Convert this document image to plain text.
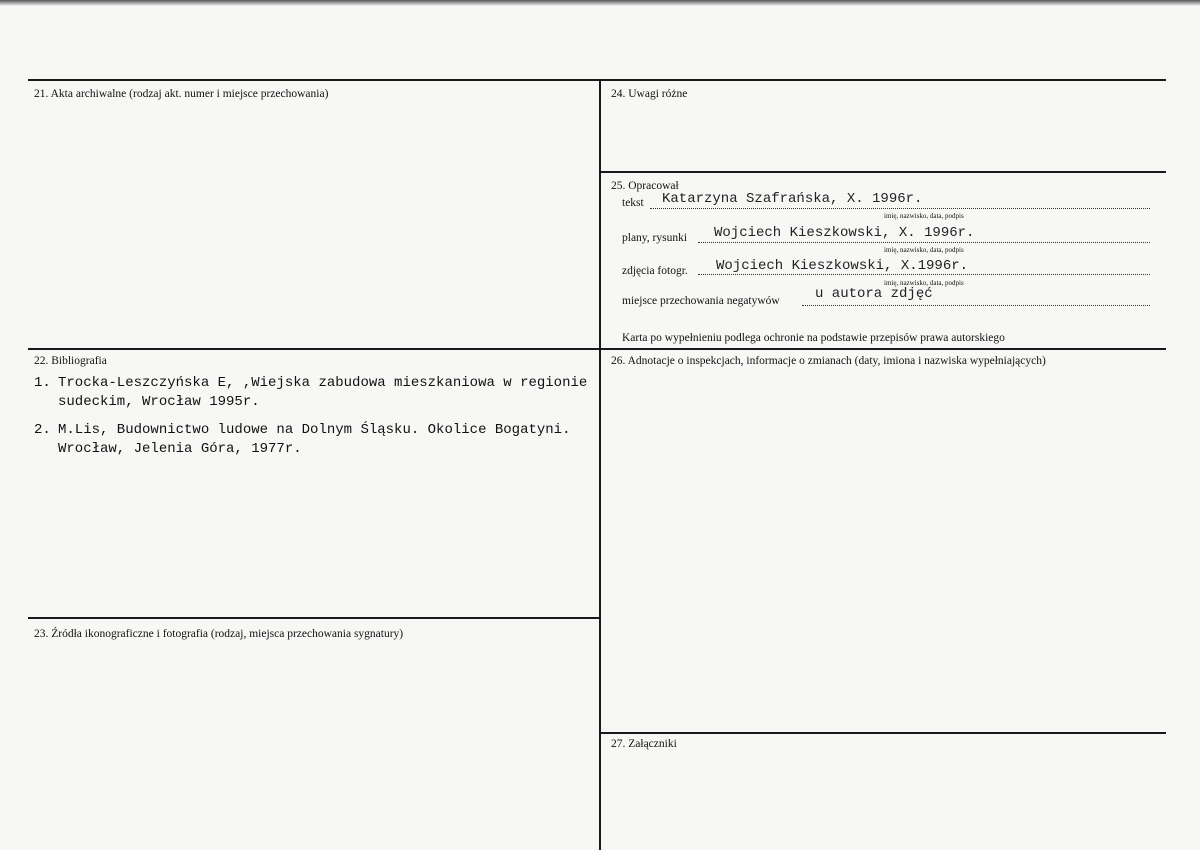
21. Akta archiwalne (rodzaj akt. numer i miejsce przechowania)	24. Uwagi różne
25. Opracował
22. Bibliografia	26. Adnotacje o inspekcjach, informacje o zmianach (daty, imiona i nazwiska wypełniających)
23. Źródła ikonograficzne i fotografia (rodzaj, miejsca przechowania sygnatury)
27. Załączniki
tekst Katarzyna Szafrańska, X. 1996r.
imię, nazwisko, data, podpis
plany, rysunki Wojciech Kieszkowski, X. 1996r.
imię, nazwisko, data, podpis
zdjęcia fotogr. Wojciech Kieszkowski, X.1996r.
imię, nazwisko, data, podpis
miejsce przechowania negatywów	u autora zdjęć
Karta po wypełnieniu podlega ochronie na podstawie przepisów prawa autorskiego
1. Trocka-Leszczyńska E, ,Wiejska zabudowa mieszkaniowa w regionie
sudeckim, Wrocław 1995r.
2. M.Lis, Budownictwo ludowe na Dolnym Śląsku. Okolice Bogatyni.
Wrocław, Jelenia Góra, 1977r.
